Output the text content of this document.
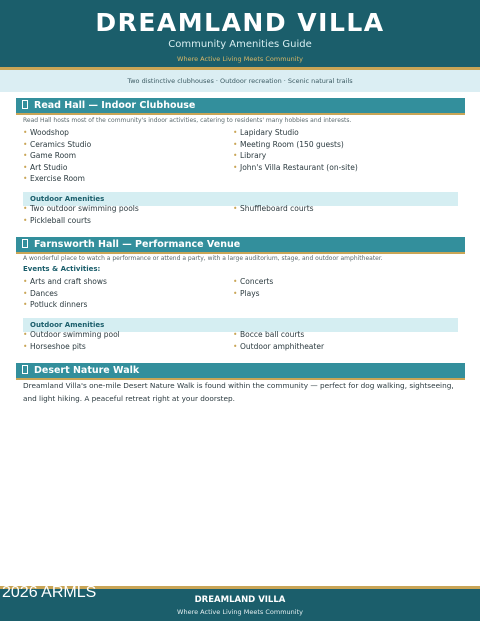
DREAMLAND VILLA
Community Amenities Guide
Where Active Living Meets Community
Two distinctive clubhouses · Outdoor recreation · Scenic natural trails
Read Hall — Indoor Clubhouse
Read Hall hosts most of the community's indoor activities, catering to residents' many hobbies and interests.
• Woodshop
• Ceramics Studio
• Game Room
• Art Studio
• Exercise Room
• Lapidary Studio
• Meeting Room (150 guests)
• Library
• John's Villa Restaurant (on-site)
Outdoor Amenities
• Two outdoor swimming pools
• Pickleball courts
• Shuffleboard courts
Farnsworth Hall — Performance Venue
A wonderful place to watch a performance or attend a party, with a large auditorium, stage, and outdoor amphitheater.
Events & Activities:
• Arts and craft shows
• Dances
• Potluck dinners
• Concerts
• Plays
Outdoor Amenities
• Outdoor swimming pool
• Horseshoe pits
• Bocce ball courts
• Outdoor amphitheater
Desert Nature Walk
Dreamland Villa's one-mile Desert Nature Walk is found within the community — perfect for dog walking, sightseeing, and light hiking. A peaceful retreat right at your doorstep.
DREAMLAND VILLA
Where Active Living Meets Community
2026 ARMLS
